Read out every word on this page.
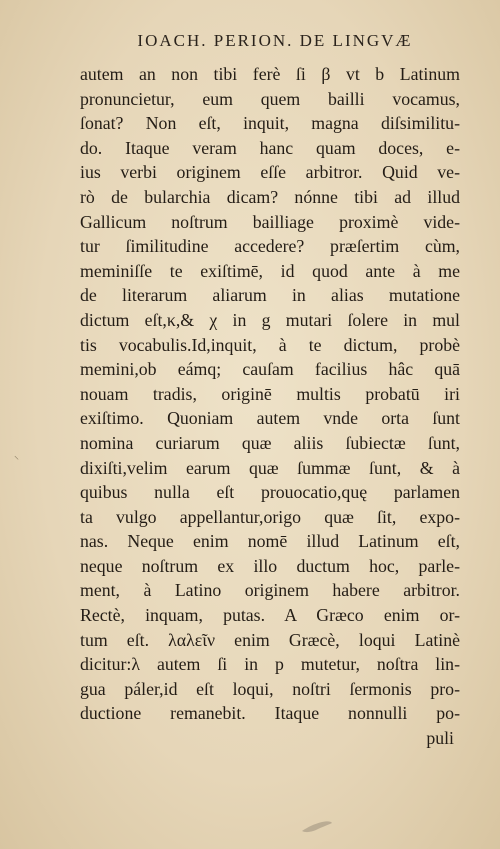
IOACH. PERION. DE LINGVÆ
autem an non tibi ferè ſi β vt b Latinum
pronuncietur, eum quem bailli vocamus,
ſonat? Non eſt, inquit, magna diſsimilitu-
do. Itaque veram hanc quam doces, e-
ius verbi originem eſſe arbitror. Quid ve-
rò de bularchia dicam? nónne tibi ad illud
Gallicum noſtrum bailliage proximè vide-
tur ſimilitudine accedere? præſertim cùm,
meminiſſe te exiſtimē, id quod ante à me
de literarum aliarum in alias mutatione
dictum eſt,κ,& χ in g mutari ſolere in mul
tis vocabulis.Id,inquit, à te dictum, probè
memini,ob eámq; cauſam facilius hâc quā
nouam tradis, originē multis probatū iri
exiſtimo. Quoniam autem vnde orta ſunt
nomina curiarum quæ aliis ſubiectæ ſunt,
dixiſti,velim earum quæ ſummæ ſunt, & à
quibus nulla eſt prouocatio,quę parlamen
ta vulgo appellantur,origo quæ ſit, expo-
nas. Neque enim nomē illud Latinum eſt,
neque noſtrum ex illo ductum hoc, parle-
ment, à Latino originem habere arbitror.
Rectè, inquam, putas. A Græco enim or-
tum eſt. λαλεῖν enim Græcè, loqui Latinè
dicitur:λ autem ſi in p mutetur, noſtra lin-
gua páler,id eſt loqui, noſtri ſermonis pro-
ductione remanebit. Itaque nonnulli po-
puli
⸌
